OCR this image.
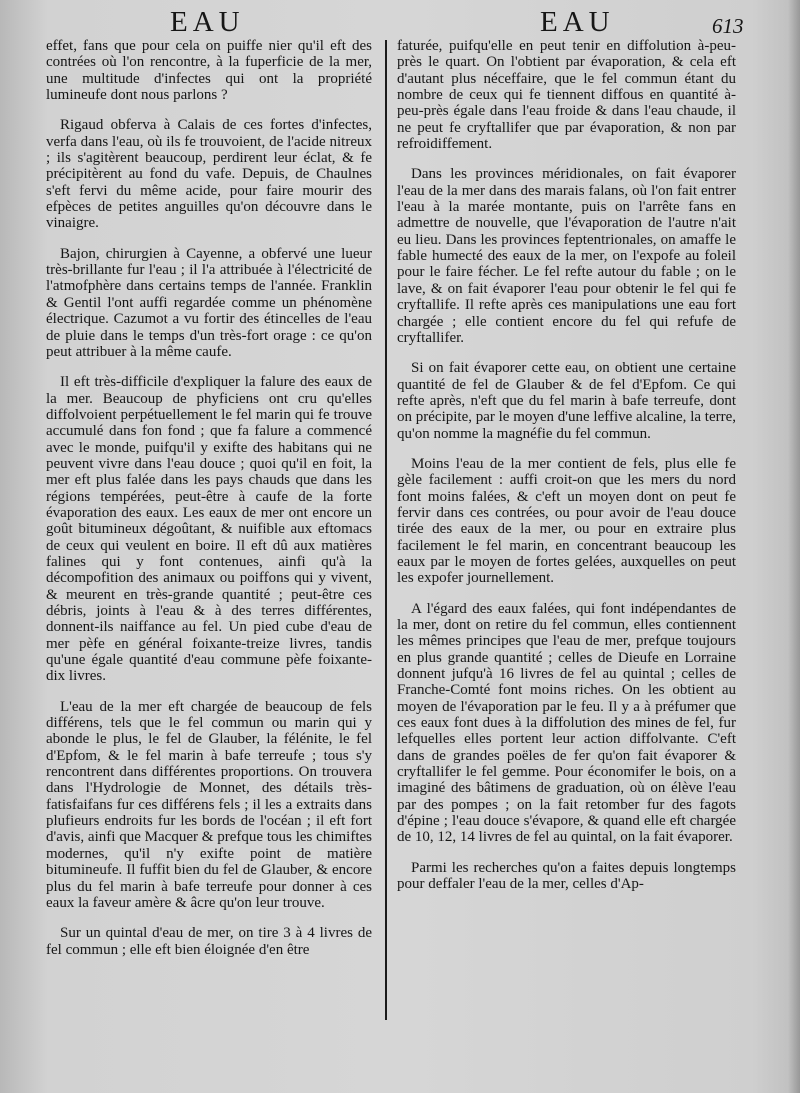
EAU	EAU	613

effet, fans que pour cela on puiffe nier qu'il eft des contrées où l'on rencontre, à la fuperficie de la mer, une multitude d'infectes qui ont la propriété lumineufe dont nous parlons ?

Rigaud obferva à Calais de ces fortes d'infectes, verfa dans l'eau, où ils fe trouvoient, de l'acide nitreux ; ils s'agitèrent beaucoup, perdirent leur éclat, & fe précipitèrent au fond du vafe. Depuis, de Chaulnes s'eft fervi du même acide, pour faire mourir des efpèces de petites anguilles qu'on découvre dans le vinaigre.

Bajon, chirurgien à Cayenne, a obfervé une lueur très-brillante fur l'eau ; il l'a attribuée à l'électricité de l'atmofphère dans certains temps de l'année. Franklin & Gentil l'ont auffi regardée comme un phénomène électrique. Cazumot a vu fortir des étincelles de l'eau de pluie dans le temps d'un très-fort orage : ce qu'on peut attribuer à la même caufe.

Il eft très-difficile d'expliquer la falure des eaux de la mer. Beaucoup de phyficiens ont cru qu'elles diffolvoient perpétuellement le fel marin qui fe trouve accumulé dans fon fond ; que fa falure a commencé avec le monde, puifqu'il y exifte des habitans qui ne peuvent vivre dans l'eau douce ; quoi qu'il en foit, la mer eft plus falée dans les pays chauds que dans les régions tempérées, peut-être à caufe de la forte évaporation des eaux. Les eaux de mer ont encore un goût bitumineux dégoûtant, & nuifible aux eftomacs de ceux qui veulent en boire. Il eft dû aux matières falines qui y font contenues, ainfi qu'à la décompofition des animaux ou poiffons qui y vivent, & meurent en très-grande quantité ; peut-être ces débris, joints à l'eau & à des terres différentes, donnent-ils naiffance au fel. Un pied cube d'eau de mer pèfe en général foixante-treize livres, tandis qu'une égale quantité d'eau commune pèfe foixante-dix livres.

L'eau de la mer eft chargée de beaucoup de fels différens, tels que le fel commun ou marin qui y abonde le plus, le fel de Glauber, la félénite, le fel d'Epfom, & le fel marin à bafe terreufe ; tous s'y rencontrent dans différentes proportions. On trouvera dans l'Hydrologie de Monnet, des détails très-fatisfaifans fur ces différens fels ; il les a extraits dans plufieurs endroits fur les bords de l'océan ; il eft fort d'avis, ainfi que Macquer & prefque tous les chimiftes modernes, qu'il n'y exifte point de matière bitumineufe. Il fuffit bien du fel de Glauber, & encore plus du fel marin à bafe terreufe pour donner à ces eaux la faveur amère & âcre qu'on leur trouve.

Sur un quintal d'eau de mer, on tire 3 à 4 livres de fel commun ; elle eft bien éloignée d'en être

faturée, puifqu'elle en peut tenir en diffolution à-peu-près le quart. On l'obtient par évaporation, & cela eft d'autant plus néceffaire, que le fel commun étant du nombre de ceux qui fe tiennent diffous en quantité à-peu-près égale dans l'eau froide & dans l'eau chaude, il ne peut fe cryftallifer que par évaporation, & non par refroidiffement.

Dans les provinces méridionales, on fait évaporer l'eau de la mer dans des marais falans, où l'on fait entrer l'eau à la marée montante, puis on l'arrête fans en admettre de nouvelle, que l'évaporation de l'autre n'ait eu lieu. Dans les provinces feptentrionales, on amaffe le fable humecté des eaux de la mer, on l'expofe au foleil pour le faire fécher. Le fel refte autour du fable ; on le lave, & on fait évaporer l'eau pour obtenir le fel qui fe cryftallife. Il refte après ces manipulations une eau fort chargée ; elle contient encore du fel qui refufe de cryftallifer.

Si on fait évaporer cette eau, on obtient une certaine quantité de fel de Glauber & de fel d'Epfom. Ce qui refte après, n'eft que du fel marin à bafe terreufe, dont on précipite, par le moyen d'une leffive alcaline, la terre, qu'on nomme la magnéfie du fel commun.

Moins l'eau de la mer contient de fels, plus elle fe gèle facilement : auffi croit-on que les mers du nord font moins falées, & c'eft un moyen dont on peut fe fervir dans ces contrées, ou pour avoir de l'eau douce tirée des eaux de la mer, ou pour en extraire plus facilement le fel marin, en concentrant beaucoup les eaux par le moyen de fortes gelées, auxquelles on peut les expofer journellement.

A l'égard des eaux falées, qui font indépendantes de la mer, dont on retire du fel commun, elles contiennent les mêmes principes que l'eau de mer, prefque toujours en plus grande quantité ; celles de Dieufe en Lorraine donnent jufqu'à 16 livres de fel au quintal ; celles de Franche-Comté font moins riches. On les obtient au moyen de l'évaporation par le feu. Il y a à préfumer que ces eaux font dues à la diffolution des mines de fel, fur lefquelles elles portent leur action diffolvante. C'eft dans de grandes poëles de fer qu'on fait évaporer & cryftallifer le fel gemme. Pour économifer le bois, on a imaginé des bâtimens de graduation, où on élève l'eau par des pompes ; on la fait retomber fur des fagots d'épine ; l'eau douce s'évapore, & quand elle eft chargée de 10, 12, 14 livres de fel au quintal, on la fait évaporer.

Parmi les recherches qu'on a faites depuis longtemps pour deffaler l'eau de la mer, celles d'Ap-
